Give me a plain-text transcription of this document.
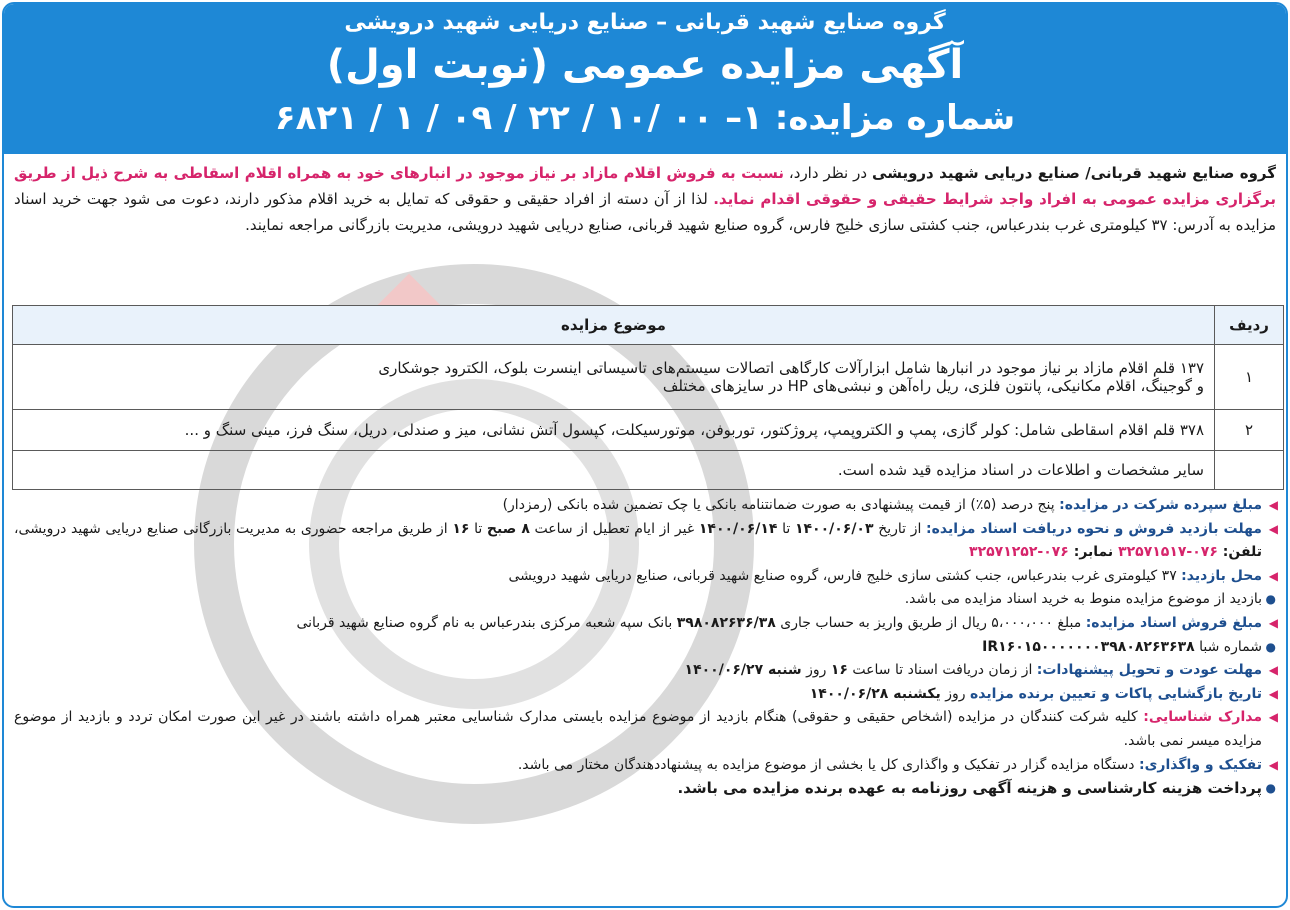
گروه صنایع شهید قربانی – صنایع دریایی شهید درویشی
آگهی مزایده عمومی (نوبت اول)
شماره مزایده: ۱– ۰۰ /۱۰ / ۲۲ / ۰۹ / ۱ / ۶۸۲۱
گروه صنایع شهید قربانی/ صنایع دریایی شهید درویشی در نظر دارد، نسبت به فروش اقلام مازاد بر نیاز موجود در انبارهای خود به همراه اقلام اسقاطی به شرح ذیل از طریق برگزاری مزایده عمومی به افراد واجد شرایط حقیقی و حقوقی اقدام نماید. لذا از آن دسته از افراد حقیقی و حقوقی که تمایل به خرید اقلام مذکور دارند، دعوت می شود جهت خرید اسناد مزایده به آدرس: ۳۷ کیلومتری غرب بندرعباس، جنب کشتی سازی خلیج فارس، گروه صنایع شهید قربانی، صنایع دریایی شهید درویشی، مدیریت بازرگانی مراجعه نمایند.
ردیف	موضوع مزایده
۱	۱۳۷ قلم اقلام مازاد بر نیاز موجود در انبارها شامل ابزارآلات کارگاهی اتصالات سیستم‌های تاسیساتی اینسرت بلوک، الکترود جوشکاری
و گوجینگ، اقلام مکانیکی، پانتون فلزی، ریل راه‌آهن و نبشی‌های HP در سایزهای مختلف

۲	۳۷۸ قلم اقلام اسقاطی شامل: کولر گازی، پمپ و الکتروپمپ، پروژکتور، توربوفن، موتورسیکلت، کپسول آتش نشانی، میز و صندلی، دریل، سنگ فرز، مینی سنگ و ...
	سایر مشخصات و اطلاعات در اسناد مزایده قید شده است.
◀
مبلغ سپرده شرکت در مزایده: پنج درصد (۵٪) از قیمت پیشنهادی به صورت ضمانتنامه بانکی یا چک تضمین شده بانکی (رمزدار)
◀
مهلت بازدید فروش و نحوه دریافت اسناد مزایده: از تاریخ ۱۴۰۰/۰۶/۰۳ تا ۱۴۰۰/۰۶/۱۴ غیر از ایام تعطیل از ساعت ۸ صبح تا ۱۶ از طریق مراجعه حضوری به مدیریت بازرگانی صنایع دریایی شهید درویشی، تلفن: ۰۷۶-۳۲۵۷۱۵۱۷ نمابر: ۰۷۶-۳۲۵۷۱۲۵۲
◀
محل بازدید: ۳۷ کیلومتری غرب بندرعباس، جنب کشتی سازی خلیج فارس، گروه صنایع شهید قربانی، صنایع دریایی شهید درویشی
●
بازدید از موضوع مزایده منوط به خرید اسناد مزایده می باشد.
◀
مبلغ فروش اسناد مزایده: مبلغ ۵،۰۰۰،۰۰۰ ریال از طریق واریز به حساب جاری ۳۹۸۰۸۲۶۳۶/۳۸ بانک سپه شعبه مرکزی بندرعباس به نام گروه صنایع شهید قربانی
●
شماره شبا IR۱۶۰۱۵۰۰۰۰۰۰۰۳۹۸۰۸۲۶۳۶۳۸
◀
مهلت عودت و تحویل پیشنهادات: از زمان دریافت اسناد تا ساعت ۱۶ روز شنبه ۱۴۰۰/۰۶/۲۷
◀
تاریخ بازگشایی پاکات و تعیین برنده مزایده روز یکشنبه ۱۴۰۰/۰۶/۲۸
◀
مدارک شناسایی: کلیه شرکت کنندگان در مزایده (اشخاص حقیقی و حقوقی) هنگام بازدید از موضوع مزایده بایستی مدارک شناسایی معتبر همراه داشته باشند در غیر این صورت امکان تردد و بازدید از موضوع مزایده میسر نمی باشد.
◀
تفکیک و واگذاری: دستگاه مزایده گزار در تفکیک و واگذاری کل یا بخشی از موضوع مزایده به پیشنهاددهندگان مختار می باشد.
●
پرداخت هزینه کارشناسی و هزینه آگهی روزنامه به عهده برنده مزایده می باشد.
